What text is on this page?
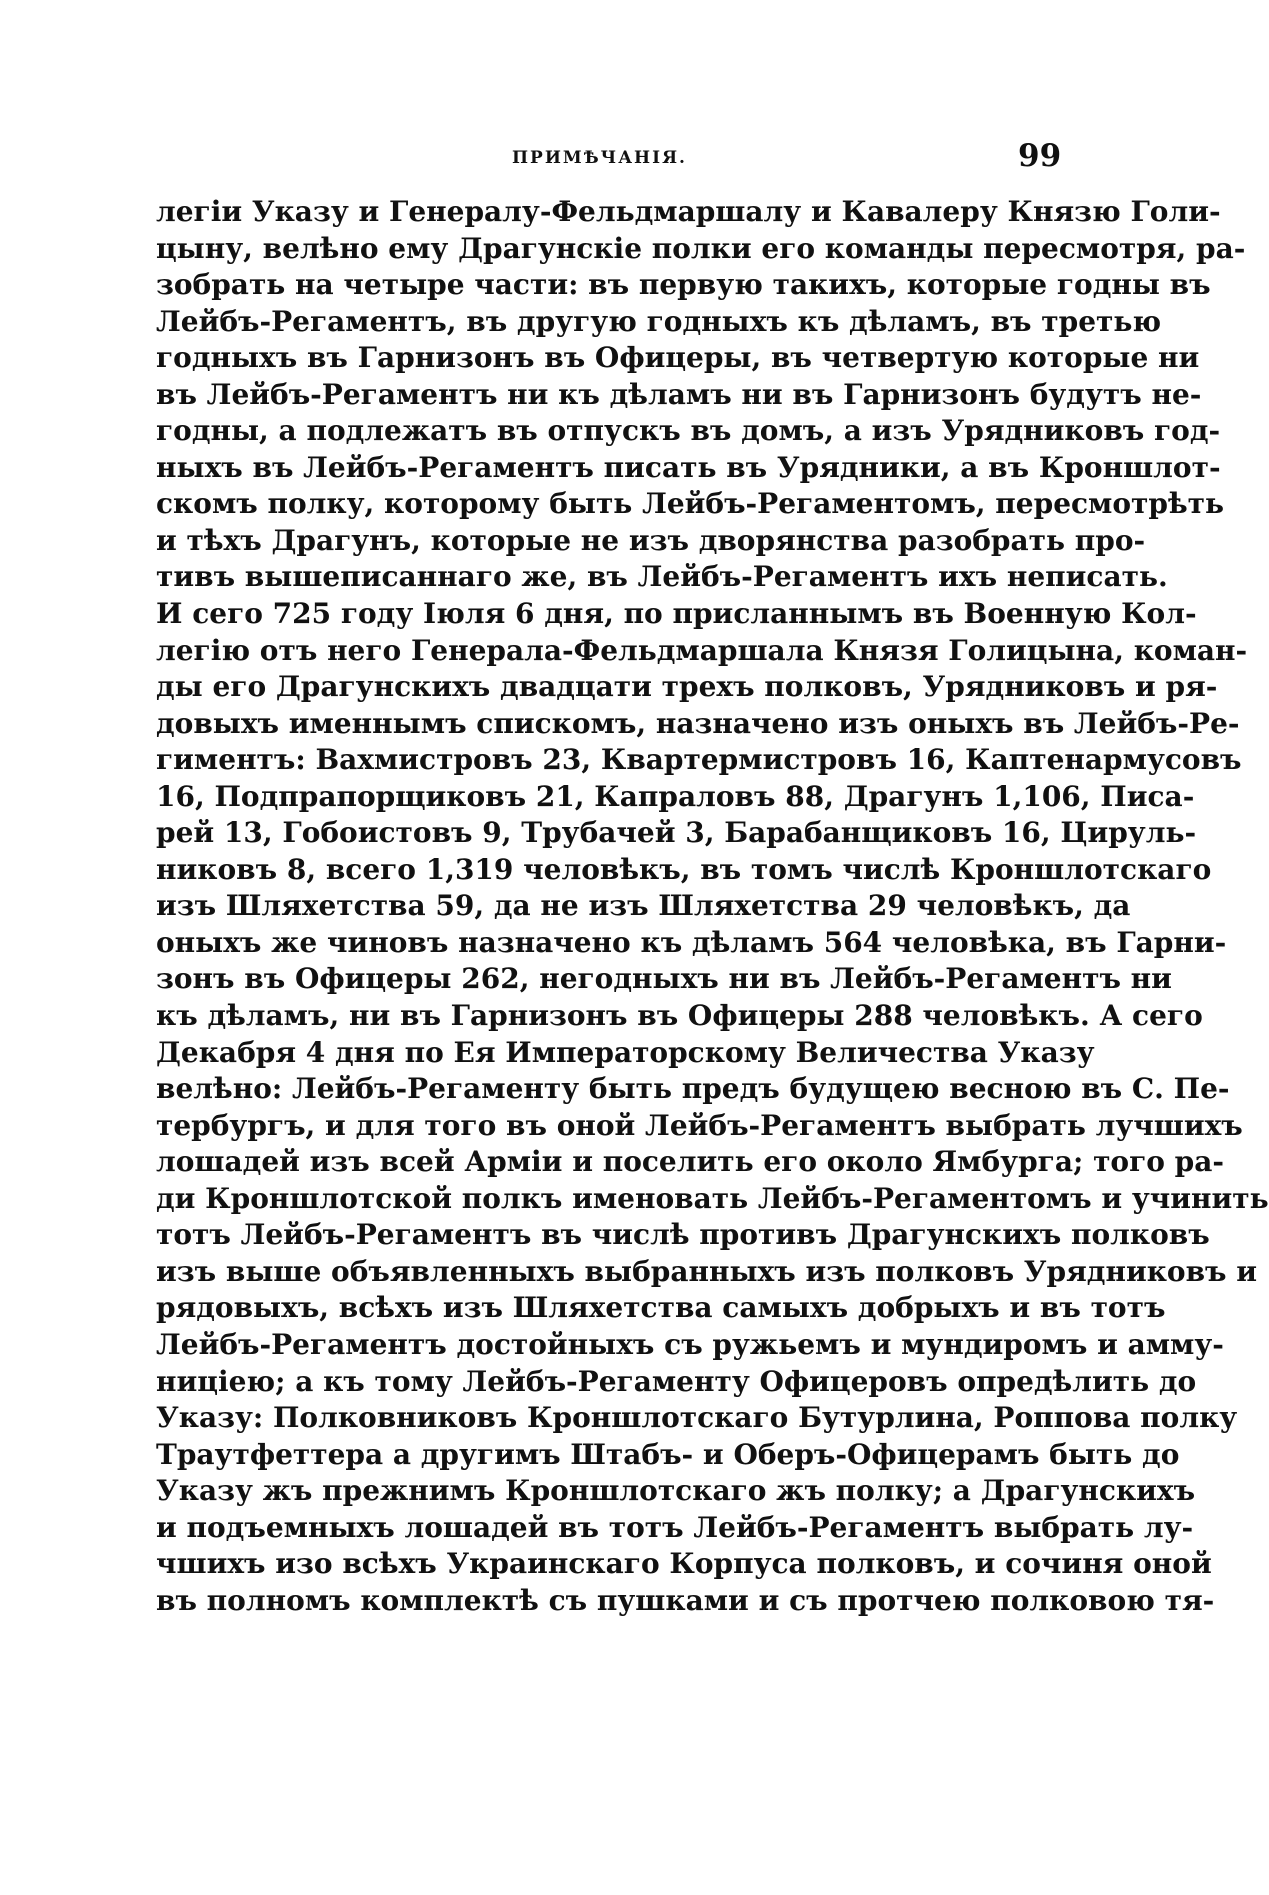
ПРИМѢЧАНІЯ.	99
легіи Указу и Генералу-Фельдмаршалу и Кавалеру Князю Голи-
цыну, велѣно ему Драгунскіе полки его команды пересмотря, ра-
зобрать на четыре части: въ первую такихъ, которые годны въ
Лейбъ-Регаментъ, въ другую годныхъ къ дѣламъ, въ третью
годныхъ въ Гарнизонъ въ Офицеры, въ четвертую которые ни
въ Лейбъ-Регаментъ ни къ дѣламъ ни въ Гарнизонъ будутъ не-
годны, а подлежатъ въ отпускъ въ домъ, а изъ Урядниковъ год-
ныхъ въ Лейбъ-Регаментъ писать въ Урядники, а въ Кроншлот-
скомъ полку, которому быть Лейбъ-Регаментомъ, пересмотрѣть
и тѣхъ Драгунъ, которые не изъ дворянства разобрать про-
тивъ вышеписаннаго же, въ Лейбъ-Регаментъ ихъ неписать.
И сего 725 году Іюля 6 дня, по присланнымъ въ Военную Кол-
легію отъ него Генерала-Фельдмаршала Князя Голицына, коман-
ды его Драгунскихъ двадцати трехъ полковъ, Урядниковъ и ря-
довыхъ именнымъ спискомъ, назначено изъ оныхъ въ Лейбъ-Ре-
гиментъ: Вахмистровъ 23, Квартермистровъ 16, Каптенармусовъ
16, Подпрапорщиковъ 21, Капраловъ 88, Драгунъ 1,106, Писа-
рей 13, Гобоистовъ 9, Трубачей 3, Барабанщиковъ 16, Цируль-
никовъ 8, всего 1,319 человѣкъ, въ томъ числѣ Кроншлотскаго
изъ Шляхетства 59, да не изъ Шляхетства 29 человѣкъ, да
оныхъ же чиновъ назначено къ дѣламъ 564 человѣка, въ Гарни-
зонъ въ Офицеры 262, негодныхъ ни въ Лейбъ-Регаментъ ни
къ дѣламъ, ни въ Гарнизонъ въ Офицеры 288 человѣкъ. А сего
Декабря 4 дня по Ея Императорскому Величества Указу
велѣно: Лейбъ-Регаменту быть предъ будущею весною въ С. Пе-
тербургъ, и для того въ оной Лейбъ-Регаментъ выбрать лучшихъ
лошадей изъ всей Арміи и поселить его около Ямбурга; того ра-
ди Кроншлотской полкъ именовать Лейбъ-Регаментомъ и учинить
тотъ Лейбъ-Регаментъ въ числѣ противъ Драгунскихъ полковъ
изъ выше объявленныхъ выбранныхъ изъ полковъ Урядниковъ и
рядовыхъ, всѣхъ изъ Шляхетства самыхъ добрыхъ и въ тотъ
Лейбъ-Регаментъ достойныхъ съ ружьемъ и мундиромъ и амму-
ниціею; а къ тому Лейбъ-Регаменту Офицеровъ опредѣлить до
Указу: Полковниковъ Кроншлотскаго Бутурлина, Роппова полку
Траутфеттера а другимъ Штабъ- и Оберъ-Офицерамъ быть до
Указу жъ прежнимъ Кроншлотскаго жъ полку; а Драгунскихъ
и подъемныхъ лошадей въ тотъ Лейбъ-Регаментъ выбрать лу-
чшихъ изо всѣхъ Украинскаго Корпуса полковъ, и сочиня оной
въ полномъ комплектѣ съ пушками и съ протчею полковою тя-
